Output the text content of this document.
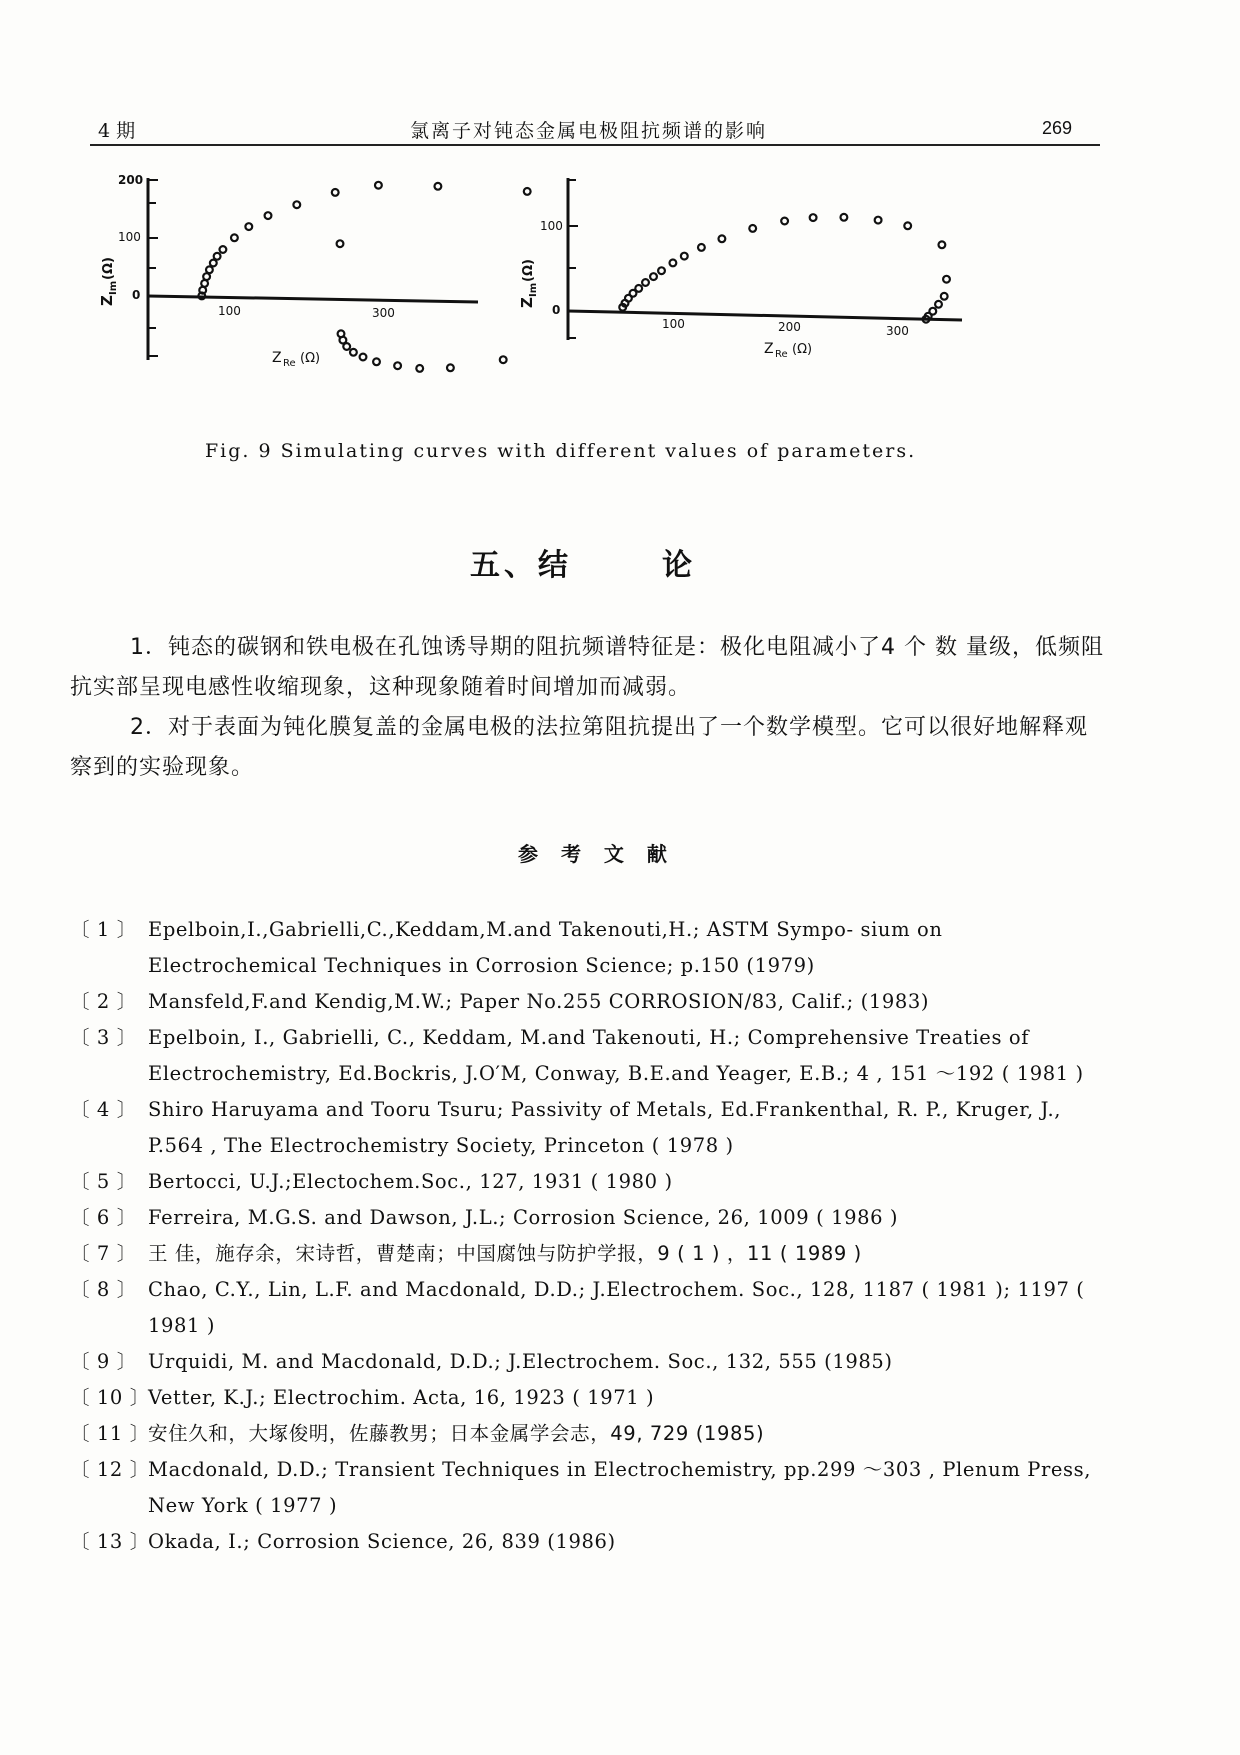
4 期	氯离子对钝态金属电极阻抗频谱的影响	269
200
100
0
100	300
Z
Im
(Ω)
Z Re (Ω)
100
0
100	200	300
Z
Im
(Ω)
Z Re (Ω)
Fig. 9 Simulating curves with different values of parameters.
五、结	论
1．钝态的碳钢和铁电极在孔蚀诱导期的阻抗频谱特征是：极化电阻减小了4 个 数 量级，低频阻抗实部呈现电感性收缩现象，这种现象随着时间增加而减弱。
2．对于表面为钝化膜复盖的金属电极的法拉第阻抗提出了一个数学模型。它可以很好地解释观察到的实验现象。
参 考 文 献
〔 1 〕 Epelboin,I.,Gabrielli,C.,Keddam,M.and Takenouti,H.; ASTM Sympo- sium on Electrochemical Techniques in Corrosion Science; p.150 (1979)
〔 2 〕 Mansfeld,F.and Kendig,M.W.; Paper No.255 CORROSION/83, Calif.; (1983)
〔 3 〕 Epelboin, I., Gabrielli, C., Keddam, M.and Takenouti, H.; Comprehensive Treaties of Electrochemistry, Ed.Bockris, J.O′M, Conway, B.E.and Yeager, E.B.; 4 , 151 ～192 ( 1981 )
〔 4 〕 Shiro Haruyama and Tooru Tsuru; Passivity of Metals, Ed.Frankenthal, R. P., Kruger, J., P.564 , The Electrochemistry Society, Princeton ( 1978 )
〔 5 〕 Bertocci, U.J.;Electochem.Soc., 127, 1931 ( 1980 )
〔 6 〕 Ferreira, M.G.S. and Dawson, J.L.; Corrosion Science, 26, 1009 ( 1986 )
〔 7 〕 王 佳，施存余，宋诗哲，曹楚南；中国腐蚀与防护学报，9 ( 1 ) ，11 ( 1989 )
〔 8 〕 Chao, C.Y., Lin, L.F. and Macdonald, D.D.; J.Electrochem. Soc., 128, 1187 ( 1981 ); 1197 ( 1981 )
〔 9 〕 Urquidi, M. and Macdonald, D.D.; J.Electrochem. Soc., 132, 555 (1985)
〔 10 〕
Vetter, K.J.; Electrochim. Acta, 16, 1923 ( 1971 )
〔 11 〕
安住久和，大塚俊明，佐藤教男；日本金属学会志，49, 729 (1985)
〔 12 〕
Macdonald, D.D.; Transient Techniques in Electrochemistry, pp.299 ～303 , Plenum Press, New York ( 1977 )
〔 13 〕
Okada, I.; Corrosion Science, 26, 839 (1986)
